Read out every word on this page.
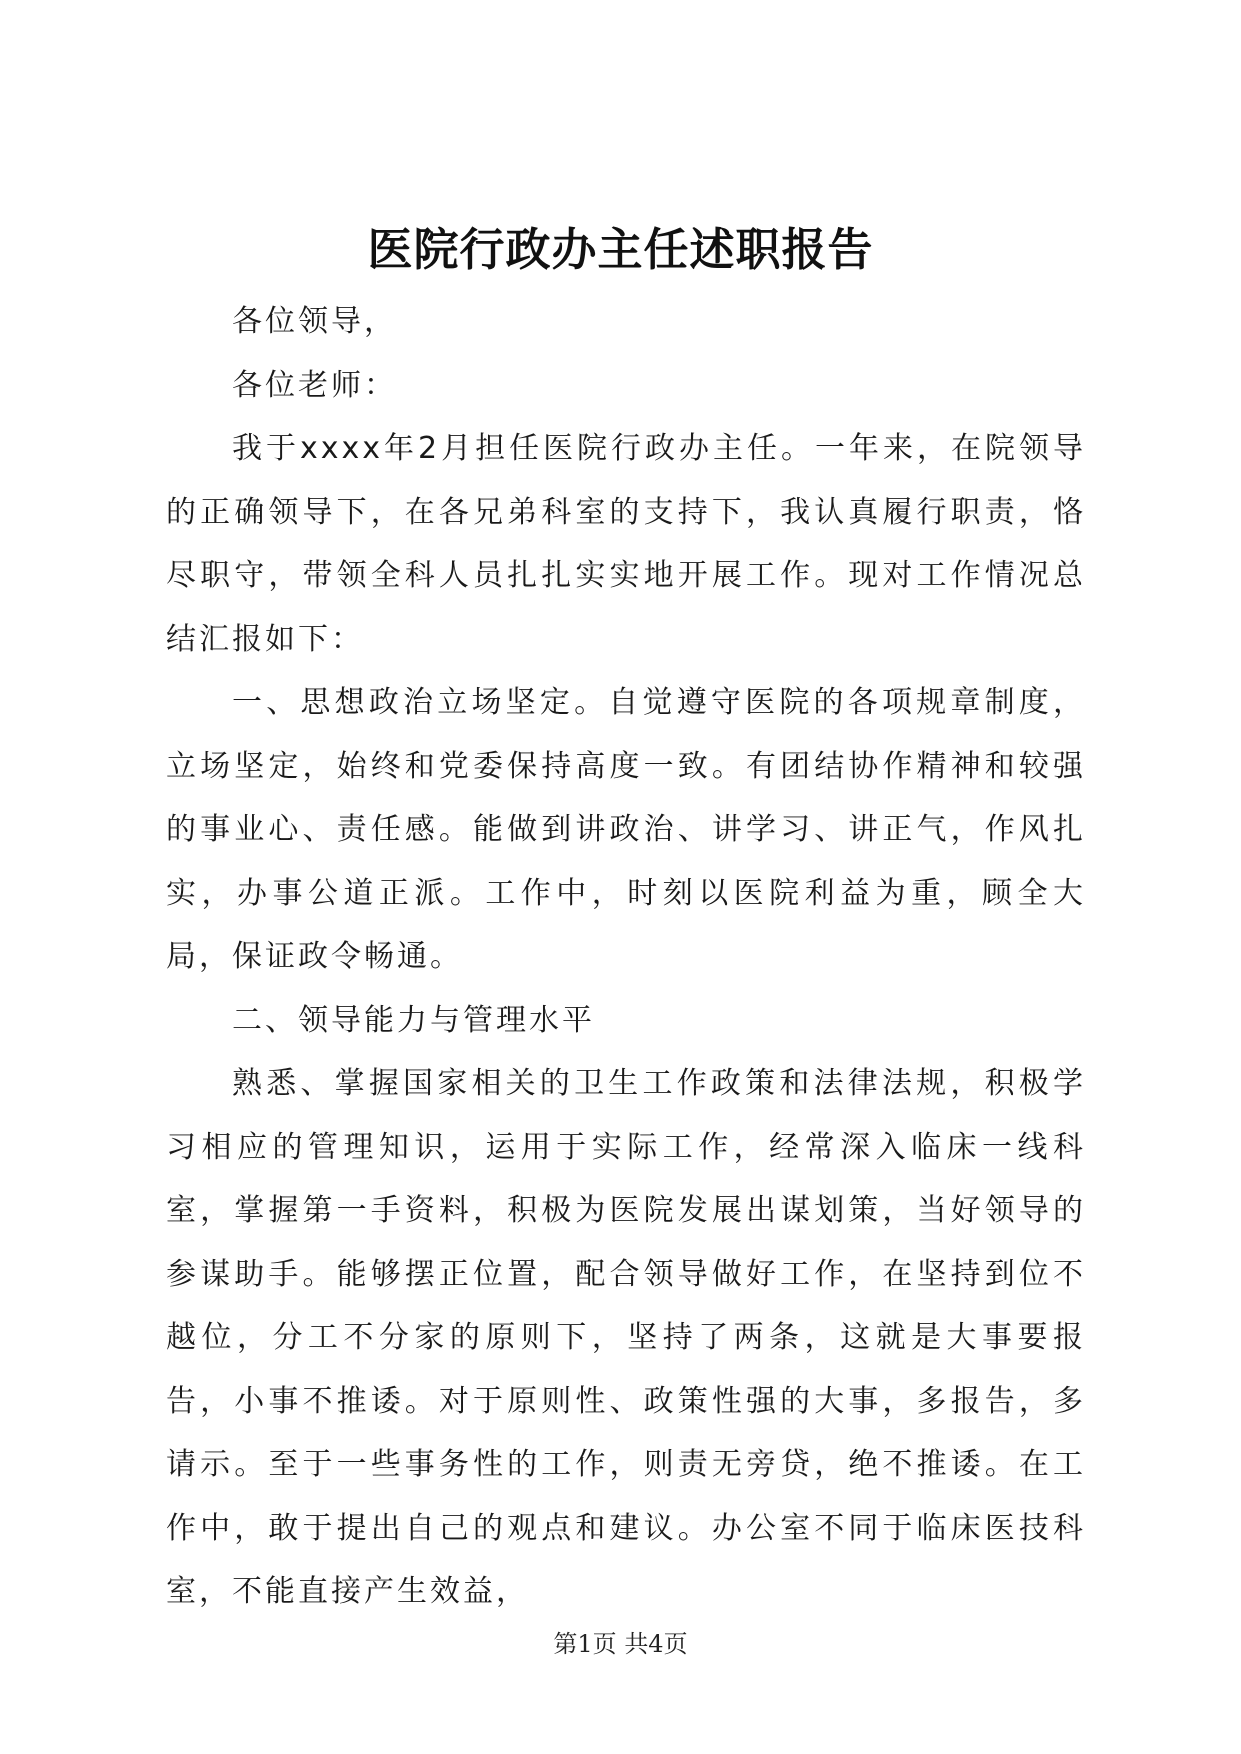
医院行政办主任述职报告

各位领导，

各位老师：

我于xxxx年2月担任医院行政办主任。一年来，在院领导的正确领导下，在各兄弟科室的支持下，我认真履行职责，恪尽职守，带领全科人员扎扎实实地开展工作。现对工作情况总结汇报如下：

一、思想政治立场坚定。自觉遵守医院的各项规章制度，立场坚定，始终和党委保持高度一致。有团结协作精神和较强的事业心、责任感。能做到讲政治、讲学习、讲正气，作风扎实，办事公道正派。工作中，时刻以医院利益为重，顾全大局，保证政令畅通。

二、领导能力与管理水平

熟悉、掌握国家相关的卫生工作政策和法律法规，积极学习相应的管理知识，运用于实际工作，经常深入临床一线科室，掌握第一手资料，积极为医院发展出谋划策，当好领导的参谋助手。能够摆正位置，配合领导做好工作，在坚持到位不越位，分工不分家的原则下，坚持了两条，这就是大事要报告，小事不推诿。对于原则性、政策性强的大事，多报告，多请示。至于一些事务性的工作，则责无旁贷，绝不推诿。在工作中，敢于提出自己的观点和建议。办公室不同于临床医技科室，不能直接产生效益，

第1页 共4页
